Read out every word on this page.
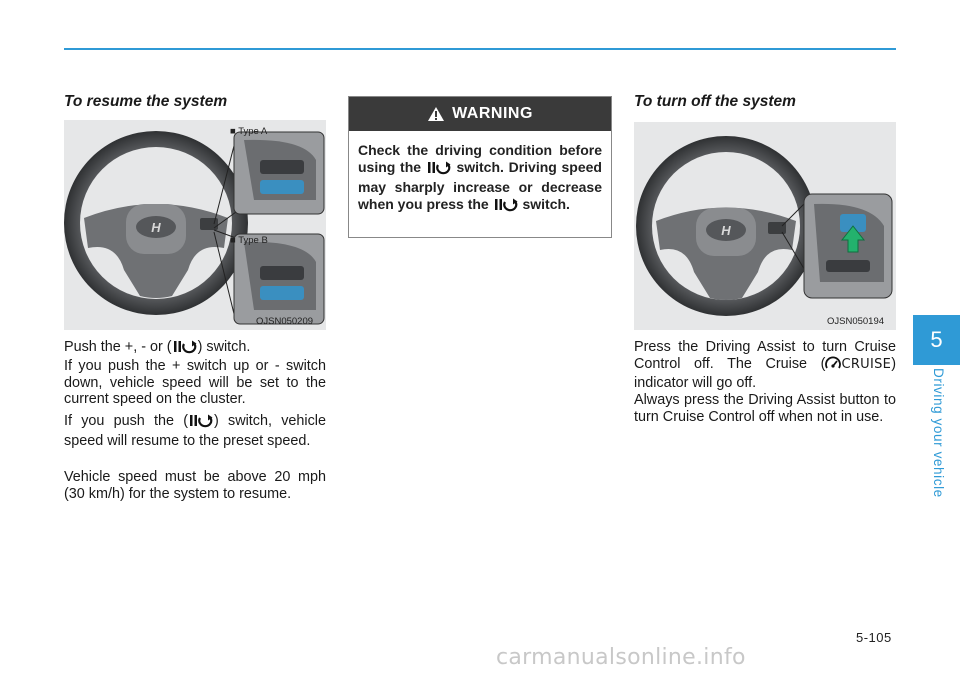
To resume the system
H
■ Type A
■ Type B
OJSN050209

Push the +, - or ( ) switch.

If you push the + switch up or - switch down, vehicle speed will be set to the current speed on the cluster.

If you push the ( ) switch, vehicle speed will resume to the preset speed.

Vehicle speed must be above 20 mph (30 km/h) for the system to resume.

WARNING
Check the driving condition before using the	switch. Driving speed may sharply increase or decrease when you press the switch.
To turn off the system
H
OJSN050194

Press the Driving Assist to turn Cruise Control off. The Cruise ( CRUISE) indicator will go off.

Always press the Driving Assist button to turn Cruise Control off when not in use.

5
Driving your vehicle
5-105
carmanualsonline.info
